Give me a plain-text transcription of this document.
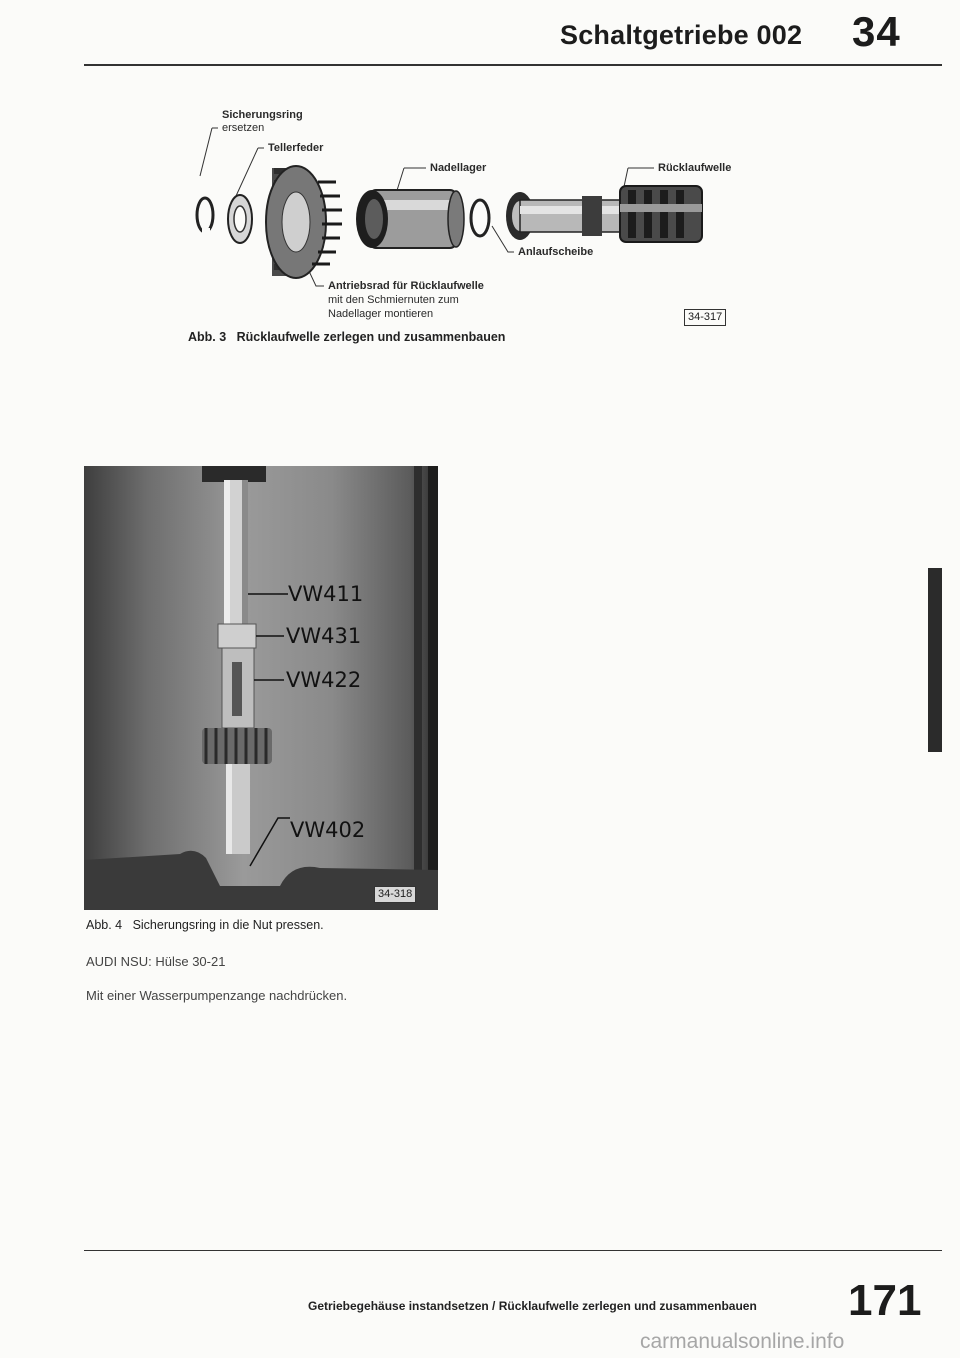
Schaltgetriebe 002 34
Sicherungsring
ersetzen
Tellerfeder
Nadellager	Rücklaufwelle
Anlaufscheibe
Antriebsrad für Rücklaufwelle
mit den Schmiernuten zum
Nadellager montieren	34-317
Abb. 3 Rücklaufwelle zerlegen und zusammenbauen
VW411
VW431
VW422
VW402
34-318
Abb. 4 Sicherungsring in die Nut pressen.
AUDI NSU: Hülse 30-21
Mit einer Wasserpumpenzange nachdrücken.
Getriebegehäuse instandsetzen / Rücklaufwelle zerlegen und zusammenbauen 171
carmanualsonline.info
